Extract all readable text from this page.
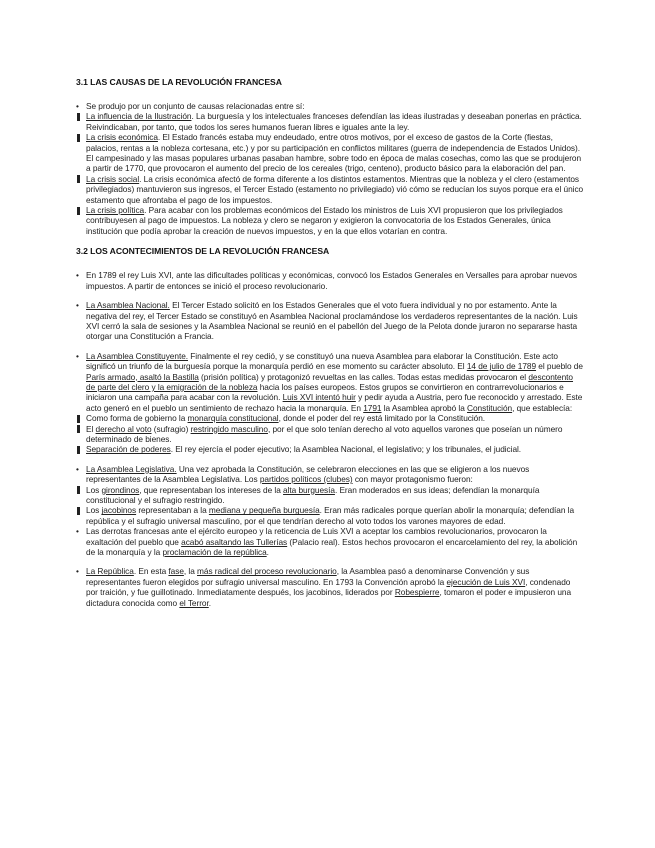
3.1 LAS CAUSAS DE LA REVOLUCIÓN FRANCESA

• Se produjo por un conjunto de causas relacionadas entre sí:

La influencia de la Ilustración. La burguesía y los intelectuales franceses defendían las ideas ilustradas y deseaban ponerlas en práctica. Reivindicaban, por tanto, que todos los seres humanos fueran libres e iguales ante la ley.

La crisis económica. El Estado francés estaba muy endeudado, entre otros motivos, por el exceso de gastos de la Corte (fiestas, palacios, rentas a la nobleza cortesana, etc.) y por su participación en conflictos militares (guerra de independencia de Estados Unidos). El campesinado y las masas populares urbanas pasaban hambre, sobre todo en época de malas cosechas, como las que se produjeron a partir de 1770, que provocaron el aumento del precio de los cereales (trigo, centeno), producto básico para la elaboración del pan.

La crisis social. La crisis económica afectó de forma diferente a los distintos estamentos. Mientras que la nobleza y el clero (estamentos privilegiados) mantuvieron sus ingresos, el Tercer Estado (estamento no privilegiado) vió cómo se reducían los suyos porque era el único estamento que afrontaba el pago de los impuestos.

La crisis política. Para acabar con los problemas económicos del Estado los ministros de Luis XVI propusieron que los privilegiados contribuyesen al pago de impuestos. La nobleza y clero se negaron y exigieron la convocatoria de los Estados Generales, única institución que podía aprobar la creación de nuevos impuestos, y en la que ellos votarían en contra.

3.2 LOS ACONTECIMIENTOS DE LA REVOLUCIÓN FRANCESA

• En 1789 el rey Luis XVI, ante las dificultades políticas y económicas, convocó los Estados Generales en Versalles para aprobar nuevos impuestos. A partir de entonces se inició el proceso revolucionario.

• La Asamblea Nacional. El Tercer Estado solicitó en los Estados Generales que el voto fuera individual y no por estamento. Ante la negativa del rey, el Tercer Estado se constituyó en Asamblea Nacional proclamándose los verdaderos representantes de la nación. Luis XVI cerró la sala de sesiones y la Asamblea Nacional se reunió en el pabellón del Juego de la Pelota donde juraron no separarse hasta otorgar una Constitución a Francia.

• La Asamblea Constituyente. Finalmente el rey cedió, y se constituyó una nueva Asamblea para elaborar la Constitución. Este acto significó un triunfo de la burguesía porque la monarquía perdió en ese momento su carácter absoluto. El 14 de julio de 1789 el pueblo de París armado, asaltó la Bastilla (prisión política) y protagonizó revueltas en las calles. Todas estas medidas provocaron el descontento de parte del clero y la emigración de la nobleza hacia los países europeos. Estos grupos se convirtieron en contrarrevolucionarios e iniciaron una campaña para acabar con la revolución. Luis XVI intentó huir y pedir ayuda a Austria, pero fue reconocido y arrestado. Este acto generó en el pueblo un sentimiento de rechazo hacia la monarquía. En 1791 la Asamblea aprobó la Constitución, que establecía:

Como forma de gobierno la monarquía constitucional, donde el poder del rey está limitado por la Constitución.

El derecho al voto (sufragio) restringido masculino, por el que solo tenían derecho al voto aquellos varones que poseían un número determinado de bienes.

Separación de poderes. El rey ejercía el poder ejecutivo; la Asamblea Nacional, el legislativo; y los tribunales, el judicial.

• La Asamblea Legislativa. Una vez aprobada la Constitución, se celebraron elecciones en las que se eligieron a los nuevos representantes de la Asamblea Legislativa. Los partidos políticos (clubes) con mayor protagonismo fueron:

Los girondinos, que representaban los intereses de la alta burguesía. Eran moderados en sus ideas; defendían la monarquía constitucional y el sufragio restringido.

Los jacobinos representaban a la mediana y pequeña burguesía. Eran más radicales porque querían abolir la monarquía; defendían la república y el sufragio universal masculino, por el que tendrían derecho al voto todos los varones mayores de edad.

• Las derrotas francesas ante el ejército europeo y la reticencia de Luis XVI a aceptar los cambios revolucionarios, provocaron la exaltación del pueblo que acabó asaltando las Tullerías (Palacio real). Estos hechos provocaron el encarcelamiento del rey, la abolición de la monarquía y la proclamación de la república.

• La República. En esta fase, la más radical del proceso revolucionario, la Asamblea pasó a denominarse Convención y sus representantes fueron elegidos por sufragio universal masculino. En 1793 la Convención aprobó la ejecución de Luis XVI, condenado por traición, y fue guillotinado. Inmediatamente después, los jacobinos, liderados por Robespierre, tomaron el poder e impusieron una dictadura conocida como el Terror.
